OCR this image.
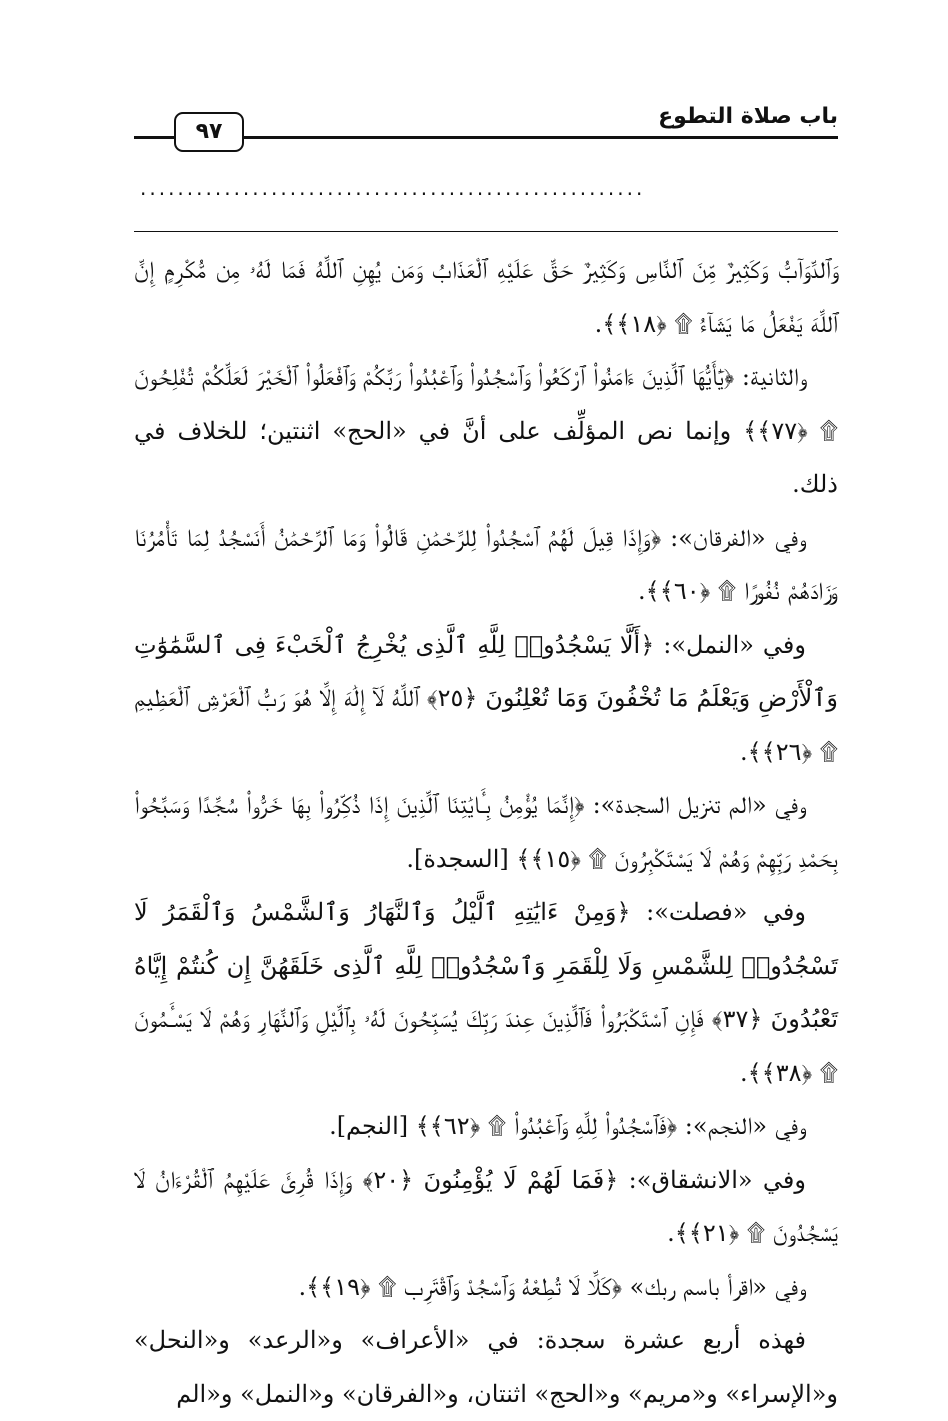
باب صلاة التطوع
٩٧
......................................................

وَٱلدَّوَآبُّ وَكَثِيرٌ مِّنَ ٱلنَّاسِ وَكَثِيرٌ حَقَّ عَلَيْهِ ٱلْعَذَابُ وَمَن يُهِنِ ٱللَّهُ فَمَا لَهُۥ مِن مُّكْرِمٍ إِنَّ ٱللَّهَ يَفْعَلُ مَا يَشَآءُ ۩ ﴿١٨﴾﴾.

والثانية: ﴿يَٰٓأَيُّهَا ٱلَّذِينَ ءَامَنُوا۟ ٱرْكَعُوا۟ وَٱسْجُدُوا۟ وَٱعْبُدُوا۟ رَبَّكُمْ وَٱفْعَلُوا۟ ٱلْخَيْرَ لَعَلَّكُمْ تُفْلِحُونَ ۩ ﴿٧٧﴾﴾ وإنما نص المؤلِّف على أنَّ في «الحج» اثنتين؛ للخلاف في ذلك.

وفي «الفرقان»: ﴿وَإِذَا قِيلَ لَهُمُ ٱسْجُدُوا۟ لِلرَّحْمَٰنِ قَالُوا۟ وَمَا ٱلرَّحْمَٰنُ أَنَسْجُدُ لِمَا تَأْمُرُنَا وَزَادَهُمْ نُفُورًا ۩ ﴿٦٠﴾﴾.

وفي «النمل»: ﴿أَلَّا يَسْجُدُوا۟ لِلَّهِ ٱلَّذِى يُخْرِجُ ٱلْخَبْءَ فِى ٱلسَّمَٰوَٰتِ وَٱلْأَرْضِ وَيَعْلَمُ مَا تُخْفُونَ وَمَا تُعْلِنُونَ ﴿٢٥﴾ ٱللَّهُ لَآ إِلَٰهَ إِلَّا هُوَ رَبُّ ٱلْعَرْشِ ٱلْعَظِيمِ ۩ ﴿٢٦﴾﴾.

وفي «الم تنزيل السجدة»: ﴿إِنَّمَا يُؤْمِنُ بِـَٔايَٰتِنَا ٱلَّذِينَ إِذَا ذُكِّرُوا۟ بِهَا خَرُّوا۟ سُجَّدًا وَسَبَّحُوا۟ بِحَمْدِ رَبِّهِمْ وَهُمْ لَا يَسْتَكْبِرُونَ ۩ ﴿١٥﴾﴾ [السجدة].

وفي «فصلت»: ﴿وَمِنْ ءَايَٰتِهِ ٱلَّيْلُ وَٱلنَّهَارُ وَٱلشَّمْسُ وَٱلْقَمَرُ لَا تَسْجُدُوا۟ لِلشَّمْسِ وَلَا لِلْقَمَرِ وَٱسْجُدُوا۟ لِلَّهِ ٱلَّذِى خَلَقَهُنَّ إِن كُنتُمْ إِيَّاهُ تَعْبُدُونَ ﴿٣٧﴾ فَإِنِ ٱسْتَكْبَرُوا۟ فَٱلَّذِينَ عِندَ رَبِّكَ يُسَبِّحُونَ لَهُۥ بِٱلَّيْلِ وَٱلنَّهَارِ وَهُمْ لَا يَسْـَٔمُونَ ۩ ﴿٣٨﴾﴾.

وفي «النجم»: ﴿فَٱسْجُدُوا۟ لِلَّهِ وَٱعْبُدُوا۟ ۩ ﴿٦٢﴾﴾ [النجم].

وفي «الانشقاق»: ﴿فَمَا لَهُمْ لَا يُؤْمِنُونَ ﴿٢٠﴾ وَإِذَا قُرِئَ عَلَيْهِمُ ٱلْقُرْءَانُ لَا يَسْجُدُونَ ۩ ﴿٢١﴾﴾.

وفي «اقرأ باسم ربك» ﴿كَلَّا لَا تُطِعْهُ وَٱسْجُدْ وَٱقْتَرِب ۩ ﴿١٩﴾﴾.

فهذه أربع عشرة سجدة: في «الأعراف» و«الرعد» و«النحل» و«الإسراء» و«مريم» و«الحج» اثنتان، و«الفرقان» و«النمل» و«الم
